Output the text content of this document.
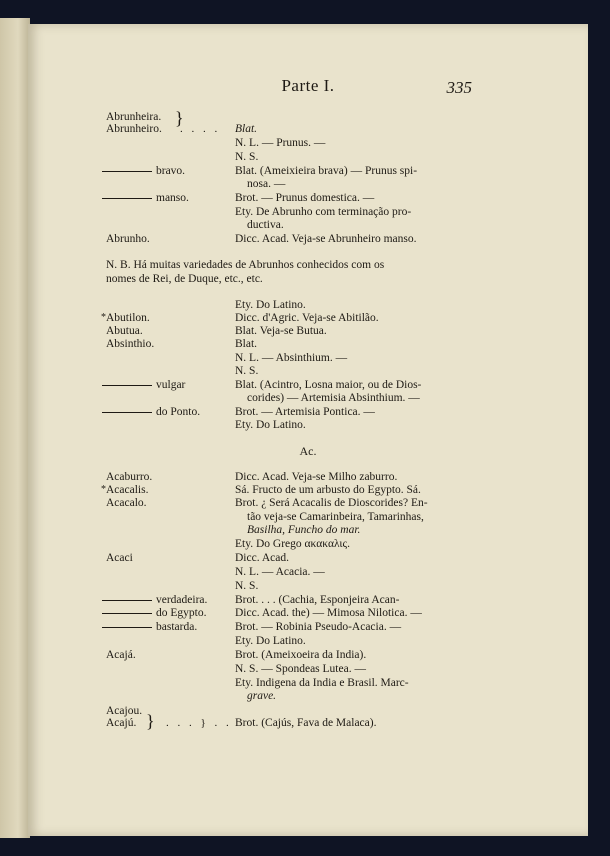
Parte I.	335
Abrunheira. }
Abrunheiro.	. . . . Blat.
N. L. — Prunus. —
N. S.
bravo.	Blat. (Ameixieira brava) — Prunus spi-
nosa. —
manso.	Brot. — Prunus domestica. —
Ety. De Abrunho com terminação pro-
ductiva.
Abrunho.	Dicc. Acad. Veja-se Abrunheiro manso.
N. B. Há muitas variedades de Abrunhos conhecidos com os
nomes de Rei, de Duque, etc., etc.
Ety. Do Latino.
* Abutilon.	Dicc. d'Agric. Veja-se Abitilão.
Abutua.	Blat. Veja-se Butua.
Absinthio.	Blat.
N. L. — Absinthium. —
N. S.
vulgar	Blat. (Acintro, Losna maior, ou de Dios-
corides) — Artemisia Absinthium. —
do Ponto.	Brot. — Artemisia Pontica. —
Ety. Do Latino.
Ac.
Acaburro.	Dicc. Acad. Veja-se Milho zaburro.
* Acacalis.	Sá. Fructo de um arbusto do Egypto. Sá.
Acacalo.	Brot. ¿ Será Acacalis de Dioscorides? En-
tão veja-se Camarinbeira, Tamarinhas,
Basilha, Funcho do mar.
Ety. Do Grego ακακαλις.
Acaci	Dicc. Acad.
N. L. — Acacia. —
N. S.
verdadeira.	Brot. . . . (Cachia, Esponjeira Acan-
do Egypto.	Dicc. Acad. the) — Mimosa Nilotica. —
bastarda.	Brot. — Robinia Pseudo-Acacia. —
Ety. Do Latino.
Acajá.	Brot. (Ameixoeira da India).
N. S. — Spondeas Lutea. —
Ety. Indigena da India e Brasil. Marc-
grave.
Acajou. }
Acajú.	. . . } . . Brot. (Cajús, Fava de Malaca).
